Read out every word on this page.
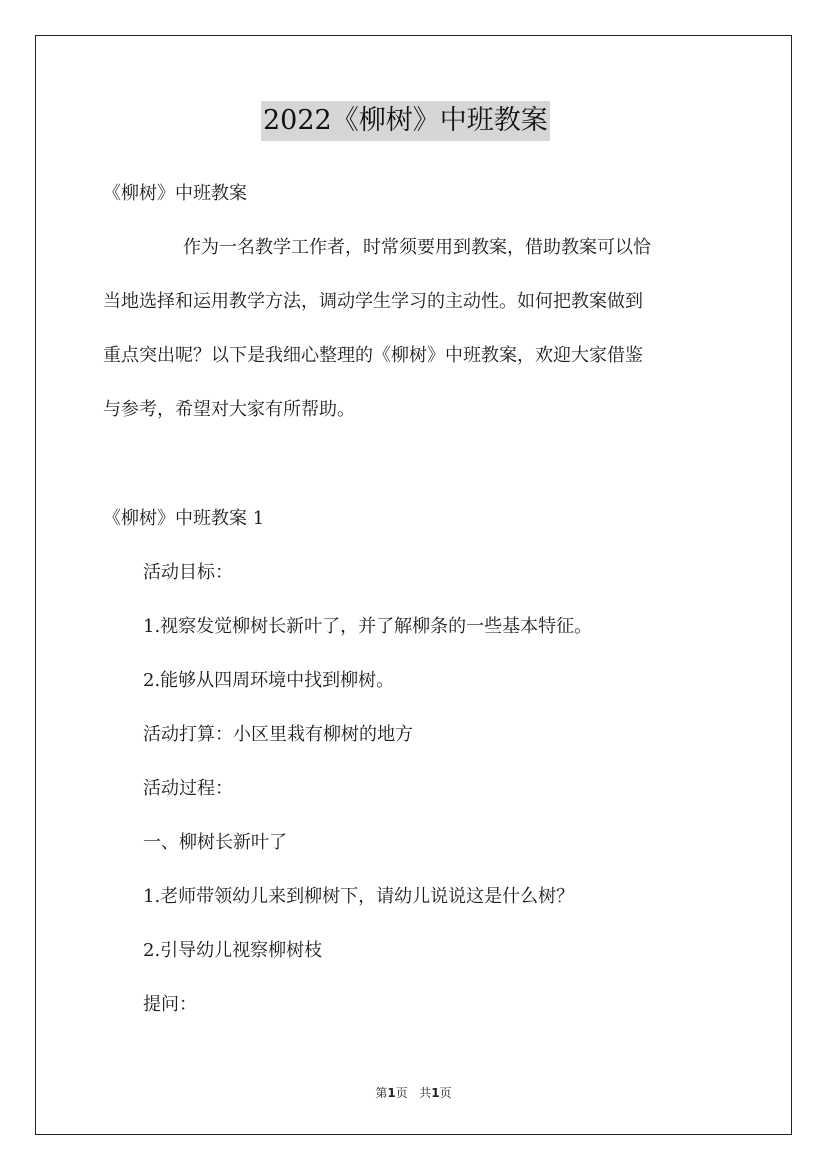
2022《柳树》中班教案
《柳树》中班教案
作为一名教学工作者，时常须要用到教案，借助教案可以恰
当地选择和运用教学方法，调动学生学习的主动性。如何把教案做到
重点突出呢？以下是我细心整理的《柳树》中班教案，欢迎大家借鉴
与参考，希望对大家有所帮助。
《柳树》中班教案 1
活动目标：
1.视察发觉柳树长新叶了，并了解柳条的一些基本特征。
2.能够从四周环境中找到柳树。
活动打算：小区里栽有柳树的地方
活动过程：
一、柳树长新叶了
1.老师带领幼儿来到柳树下，请幼儿说说这是什么树？
2.引导幼儿视察柳树枝
提问：
第1页   共1页
